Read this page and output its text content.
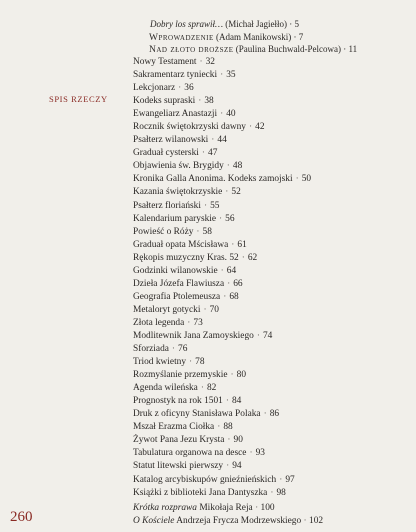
SPIS RZECZY
Dobry los sprawił… (Michał Jagiełło) · 5
Wprowadzenie (Adam Manikowski) · 7
Nad złoto droższe (Paulina Buchwald-Pelcowa) · 11
Nowy Testament · 32
Sakramentarz tyniecki · 35
Lekcjonarz · 36
Kodeks supraski · 38
Ewangeliarz Anastazji · 40
Rocznik świętokrzyski dawny · 42
Psałterz wilanowski · 44
Graduał cysterski · 47
Objawienia św. Brygidy · 48
Kronika Galla Anonima. Kodeks zamojski · 50
Kazania świętokrzyskie · 52
Psałterz floriański · 55
Kalendarium paryskie · 56
Powieść o Róży · 58
Graduał opata Mścisława · 61
Rękopis muzyczny Kras. 52 · 62
Godzinki wilanowskie · 64
Dzieła Józefa Flawiusza · 66
Geografia Ptolemeusza · 68
Metaloryt gotycki · 70
Złota legenda · 73
Modlitewnik Jana Zamoyskiego · 74
Sforziada · 76
Triod kwietny · 78
Rozmyślanie przemyskie · 80
Agenda wileńska · 82
Prognostyk na rok 1501 · 84
Druk z oficyny Stanisława Polaka · 86
Mszał Erazma Ciołka · 88
Żywot Pana Jezu Krysta · 90
Tabulatura organowa na desce · 93
Statut litewski pierwszy · 94
Katalog arcybiskupów gnieźnieńskich · 97
Książki z biblioteki Jana Dantyszka · 98
Krótka rozprawa Mikołaja Reja · 100
O Kościele Andrzeja Frycza Modrzewskiego · 102
260
